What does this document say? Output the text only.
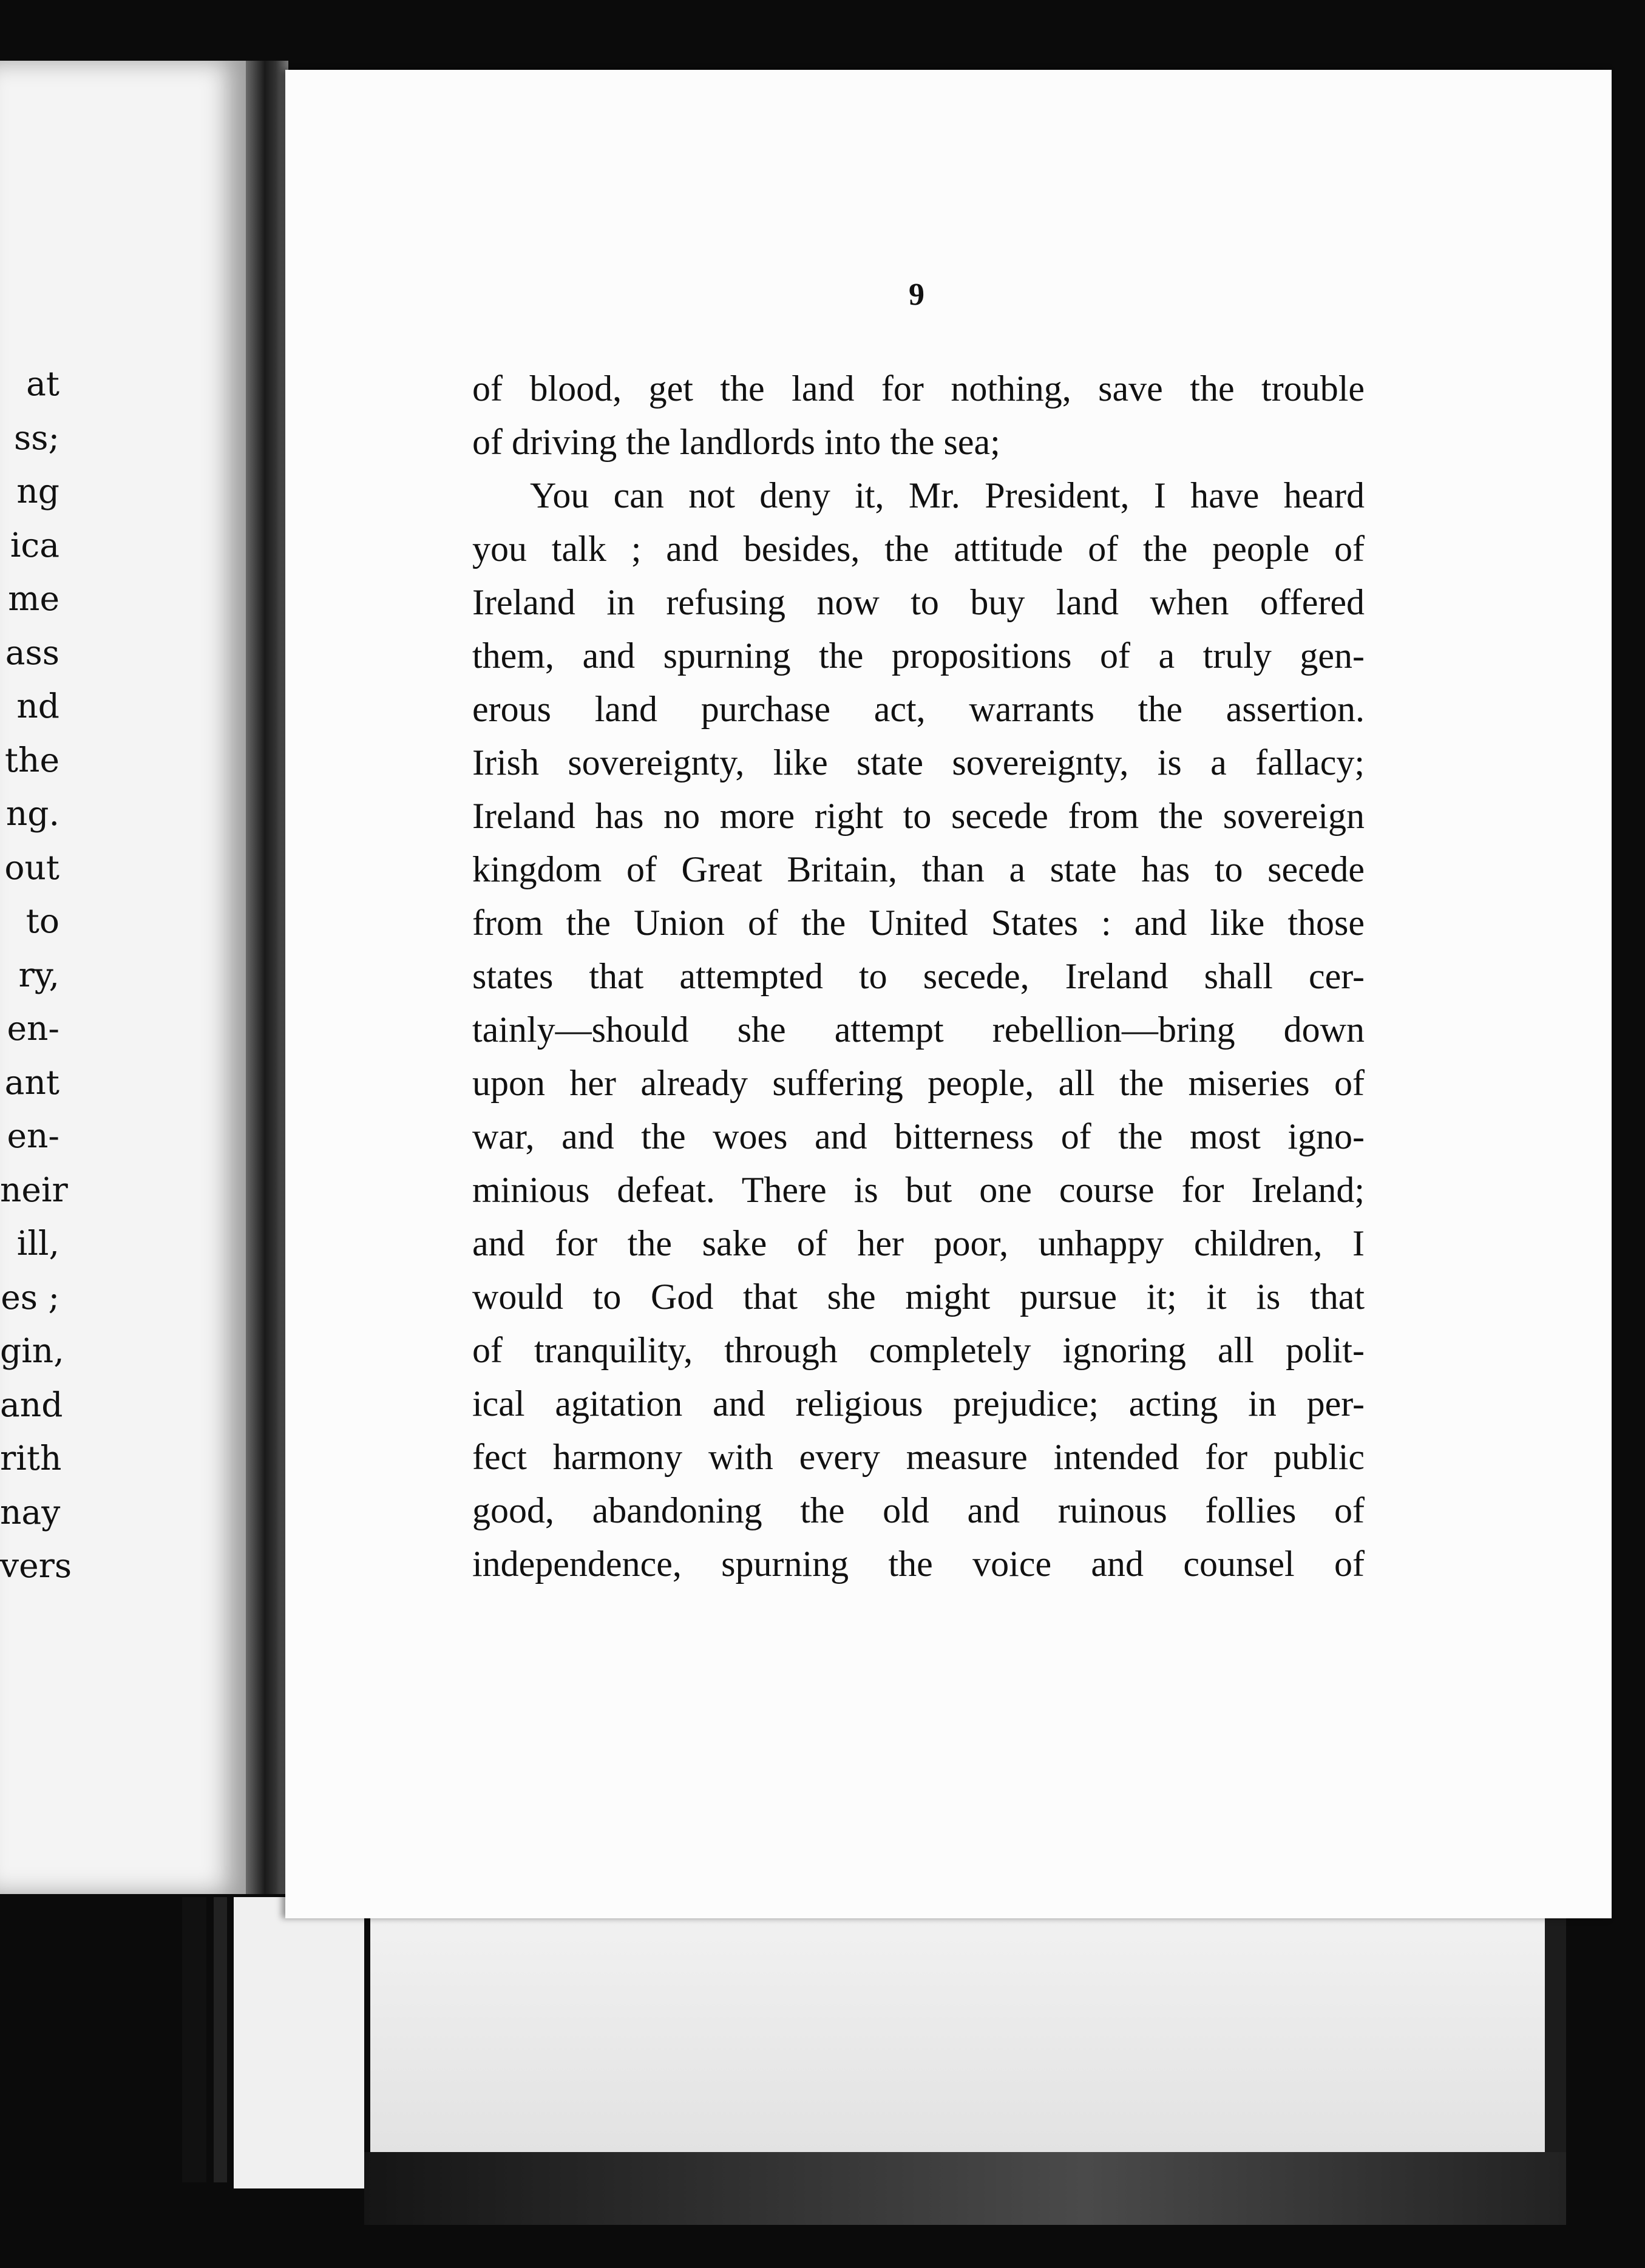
at
ss;
ng
ica
me
ass
nd
the
ng.
out
to
ry,
en-
ant
en-
neir
ill,
es ;
gin,
and
rith
nay
vers
9
of blood, get the land for nothing, save the trouble
of driving the landlords into the sea;
You can not deny it, Mr. President, I have heard
you talk ; and besides, the attitude of the people of
Ireland in refusing now to buy land when offered
them, and spurning the propositions of a truly gen-
erous land purchase act, warrants the assertion.
Irish sovereignty, like state sovereignty, is a fallacy;
Ireland has no more right to secede from the sovereign
kingdom of Great Britain, than a state has to secede
from the Union of the United States : and like those
states that attempted to secede, Ireland shall cer-
tainly—should she attempt rebellion—bring down
upon her already suffering people, all the miseries of
war, and the woes and bitterness of the most igno-
minious defeat. There is but one course for Ireland;
and for the sake of her poor, unhappy children, I
would to God that she might pursue it; it is that
of tranquility, through completely ignoring all polit-
ical agitation and religious prejudice; acting in per-
fect harmony with every measure intended for public
good, abandoning the old and ruinous follies of
independence, spurning the voice and counsel of
